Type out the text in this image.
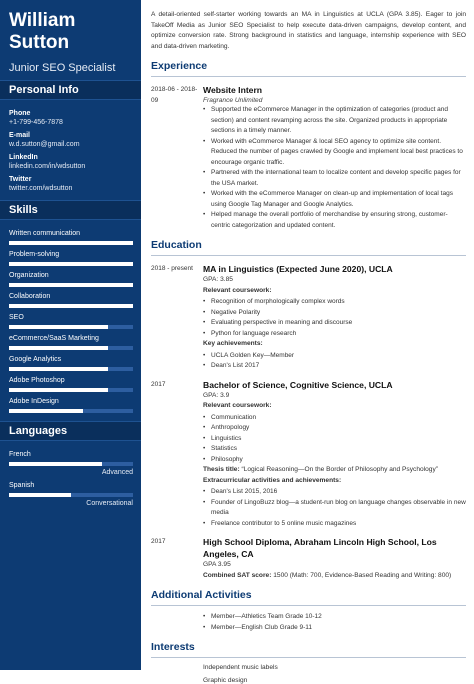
William
Sutton
Junior SEO Specialist
Personal Info
Phone
+1-799-456-7878
E-mail
w.d.sutton@gmail.com
LinkedIn
linkedin.com/in/wdsutton
Twitter
twitter.com/wdsutton
Skills
Written communication
Problem-solving
Organization
Collaboration
SEO
eCommerce/SaaS Marketing
Google Analytics
Adobe Photoshop
Adobe InDesign
Languages
French
Advanced
Spanish
Conversational
A detail-oriented self-starter working towards an MA in Linguistics at UCLA (GPA 3.85). Eager to join TakeOff Media as Junior SEO Specialist to help execute data-driven campaigns, develop content, and optimize conversion rate. Strong background in statistics and language, internship experience with SEO and data-driven marketing.
Experience
2018-06 - 2018-09
Website Intern
Fragrance Unlimited
• Supported the eCommerce Manager in the optimization of categories (product and section) and content revamping across the site. Organized products in appropriate sections in a timely manner.
• Worked with eCommerce Manager & local SEO agency to optimize site content. Reduced the number of pages crawled by Google and implement local best practices to encourage organic traffic.
• Partnered with the international team to localize content and develop specific pages for the USA market.
• Worked with the eCommerce Manager on clean-up and implementation of local tags using Google Tag Manager and Google Analytics.
• Helped manage the overall portfolio of merchandise by ensuring strong, customer-centric categorization and updated content.
Education
2018 - present	MA in Linguistics (Expected June 2020), UCLA
GPA: 3.85
Relevant coursework:
• Recognition of morphologically complex words
• Negative Polarity
• Evaluating perspective in meaning and discourse
• Python for language research
Key achievements:
• UCLA Golden Key—Member
• Dean's List 2017
2017	Bachelor of Science, Cognitive Science, UCLA
GPA: 3.9
Relevant coursework:
• Communication
• Anthropology
• Linguistics
• Statistics
• Philosophy
Thesis title: “Logical Reasoning—On the Border of Philosophy and Psychology”
Extracurricular activities and achievements:
• Dean's List 2015, 2016
• Founder of LingoBuzz blog—a student-run blog on language changes observable in new media
• Freelance contributor to 5 online music magazines
2017	High School Diploma, Abraham Lincoln High School, Los Angeles, CA
GPA 3.95
Combined SAT score: 1500 (Math: 700, Evidence-Based Reading and Writing: 800)
Additional Activities
• Member—Athletics Team Grade 10-12
• Member—English Club Grade 9-11
Interests
Independent music labels
Graphic design
